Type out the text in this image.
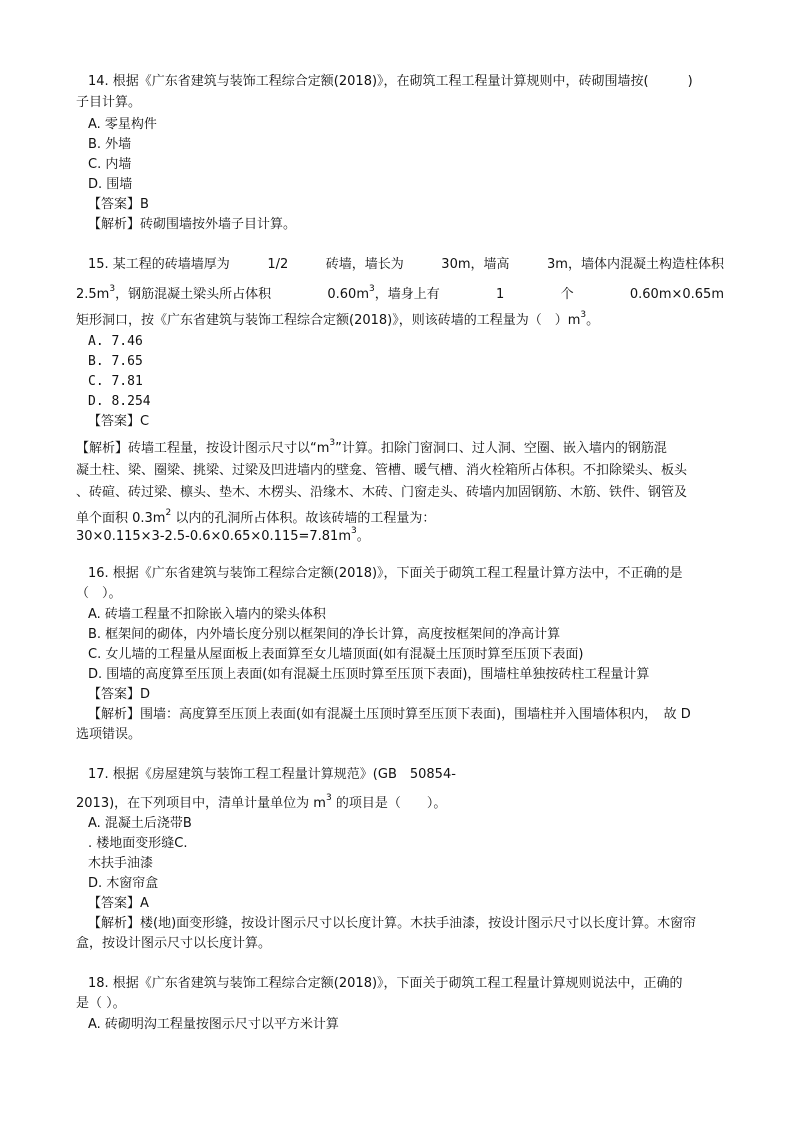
14. 根据《广东省建筑与装饰工程综合定额(2018)》，在砌筑工程工程量计算规则中，砖砌围墙按(　　　)
子目计算。
A. 零星构件
B. 外墙
C. 内墙
D. 围墙
【答案】B
【解析】砖砌围墙按外墙子目计算。
15. 某工程的砖墙墙厚为	1/2	砖墙，墙长为	30m，墙高	3m，墙体内混凝土构造柱体积
$2.5m^3$，钢筋混凝土梁头所占体积	$0.60m^3$，墙身上有	1	个	0.60m×0.65m
矩形洞口，按《广东省建筑与装饰工程综合定额(2018)》，则该砖墙的工程量为（　）$m^3$。
A. 7.46
B. 7.65
C. 7.81
D. 8.254
【答案】C
【解析】砖墙工程量，按设计图示尺寸以“$m^3$”计算。扣除门窗洞口、过人洞、空圈、嵌入墙内的钢筋混
凝土柱、梁、圈梁、挑梁、过梁及凹进墙内的壁龛、管槽、暖气槽、消火栓箱所占体积。不扣除梁头、板头
、砖碹、砖过梁、檩头、垫木、木楞头、沿缘木、木砖、门窗走头、砖墙内加固钢筋、木筋、铁件、钢管及
单个面积 $0.3m^2$ 以内的孔洞所占体积。故该砖墙的工程量为：
$30\times 0.115\times 3-2.5-0.6\times 0.65\times 0.115=7.81m^3$。
16. 根据《广东省建筑与装饰工程综合定额(2018)》，下面关于砌筑工程工程量计算方法中，不正确的是
（　）。
A. 砖墙工程量不扣除嵌入墙内的梁头体积
B. 框架间的砌体，内外墙长度分别以框架间的净长计算，高度按框架间的净高计算
C. 女儿墙的工程量从屋面板上表面算至女儿墙顶面(如有混凝土压顶时算至压顶下表面)
D. 围墙的高度算至压顶上表面(如有混凝土压顶时算至压顶下表面)，围墙柱单独按砖柱工程量计算
【答案】D
【解析】围墙：高度算至压顶上表面(如有混凝土压顶时算至压顶下表面)，围墙柱并入围墙体积内，　故 D
选项错误。
17. 根据《房屋建筑与装饰工程工程量计算规范》(GB　50854-
2013)，在下列项目中，清单计量单位为 $m^3$ 的项目是（　　）。
A. 混凝土后浇带B
. 楼地面变形缝C.
木扶手油漆
D. 木窗帘盒
【答案】A
【解析】楼(地)面变形缝，按设计图示尺寸以长度计算。木扶手油漆，按设计图示尺寸以长度计算。木窗帘
盒，按设计图示尺寸以长度计算。
18. 根据《广东省建筑与装饰工程综合定额(2018)》，下面关于砌筑工程工程量计算规则说法中，正确的
是（ ）。
A. 砖砌明沟工程量按图示尺寸以平方米计算
